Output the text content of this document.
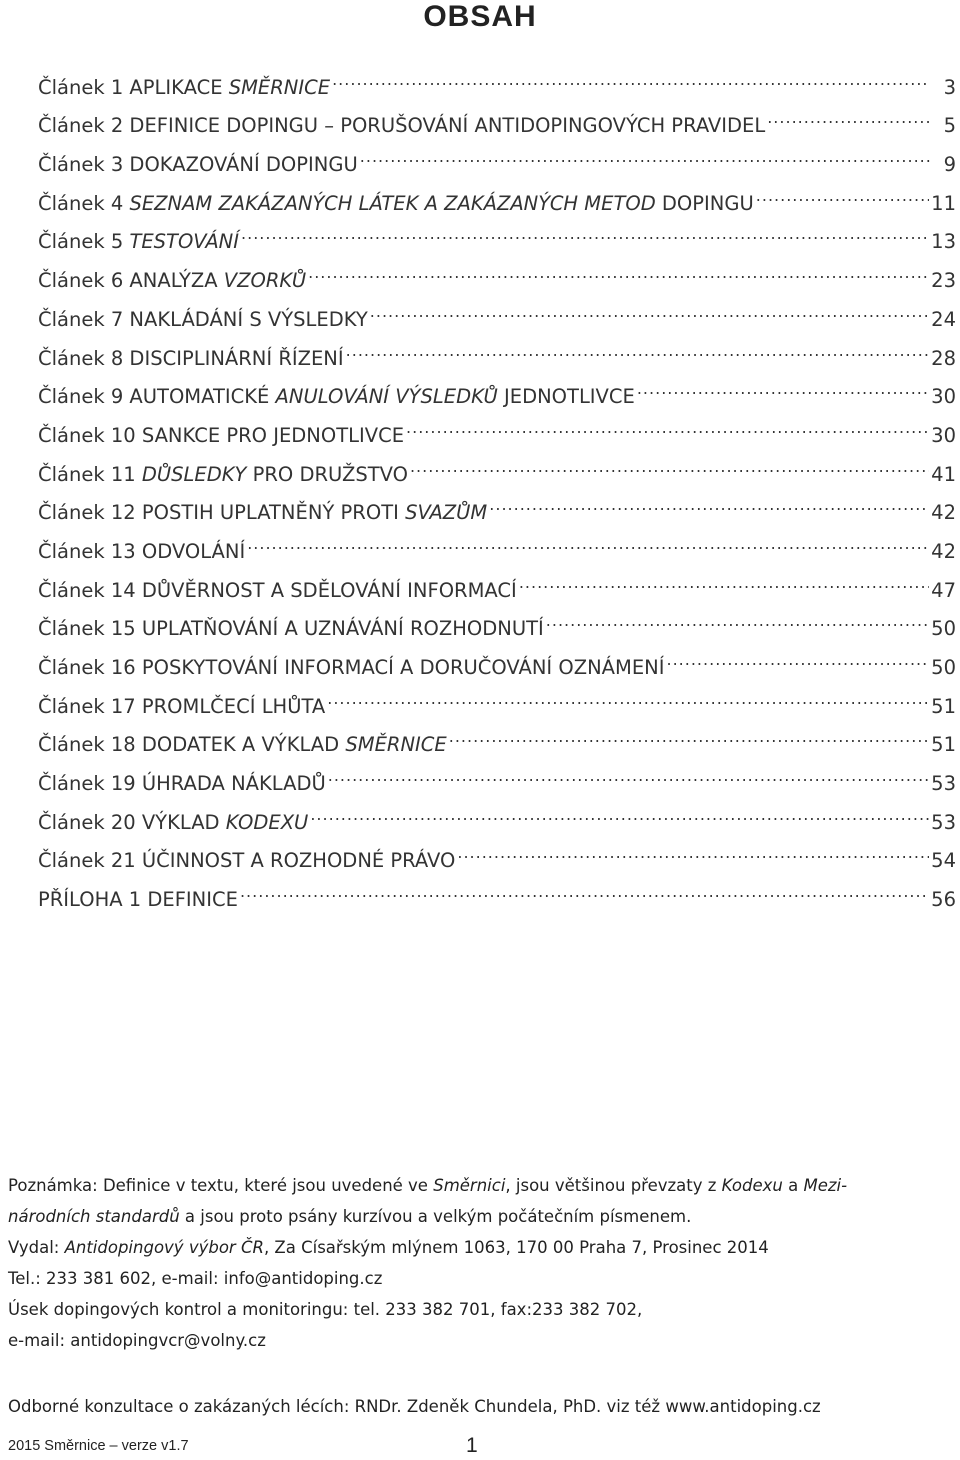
OBSAH
Článek 1 APLIKACE SMĚRNICE .....	3
Článek 2 DEFINICE DOPINGU – PORUŠOVÁNÍ ANTIDOPINGOVÝCH PRAVIDEL .....	5
Článek 3 DOKAZOVÁNÍ DOPINGU .....	9
Článek 4 SEZNAM ZAKÁZANÝCH LÁTEK A ZAKÁZANÝCH METOD DOPINGU .....	11
Článek 5 TESTOVÁNÍ .....	13
Článek 6 ANALÝZA VZORKŮ .....	23
Článek 7 NAKLÁDÁNÍ S VÝSLEDKY .....	24
Článek 8 DISCIPLINÁRNÍ ŘÍZENÍ .....	28
Článek 9 AUTOMATICKÉ ANULOVÁNÍ VÝSLEDKŮ JEDNOTLIVCE .....	30
Článek 10 SANKCE PRO JEDNOTLIVCE .....	30
Článek 11 DŮSLEDKY PRO DRUŽSTVO .....	41
Článek 12 POSTIH UPLATNĚNÝ PROTI SVAZŮM .....	42
Článek 13 ODVOLÁNÍ .....	42
Článek 14 DŮVĚRNOST A SDĚLOVÁNÍ INFORMACÍ .....	47
Článek 15 UPLATŇOVÁNÍ A UZNÁVÁNÍ ROZHODNUTÍ .....	50
Článek 16 POSKYTOVÁNÍ INFORMACÍ A DORUČOVÁNÍ OZNÁMENÍ .....	50
Článek 17 PROMLČECÍ LHŮTA .....	51
Článek 18 DODATEK A VÝKLAD SMĚRNICE .....	51
Článek 19 ÚHRADA NÁKLADŮ .....	53
Článek 20 VÝKLAD KODEXU .....	53
Článek 21 ÚČINNOST A ROZHODNÉ PRÁVO .....	54
PŘÍLOHA 1 DEFINICE .....	56

Poznámka: Definice v textu, které jsou uvedené ve Směrnici, jsou většinou převzaty z Kodexu a Mezi-

národních standardů a jsou proto psány kurzívou a velkým počátečním písmenem.

Vydal: Antidopingový výbor ČR, Za Císařským mlýnem 1063, 170 00 Praha 7, Prosinec 2014

Tel.: 233 381 602, e-mail: info@antidoping.cz

Úsek dopingových kontrol a monitoringu: tel. 233 382 701, fax:233 382 702,

e-mail: antidopingvcr@volny.cz

Odborné konzultace o zakázaných lécích: RNDr. Zdeněk Chundela, PhD. viz též www.antidoping.cz
2015 Směrnice – verze v1.7	1
